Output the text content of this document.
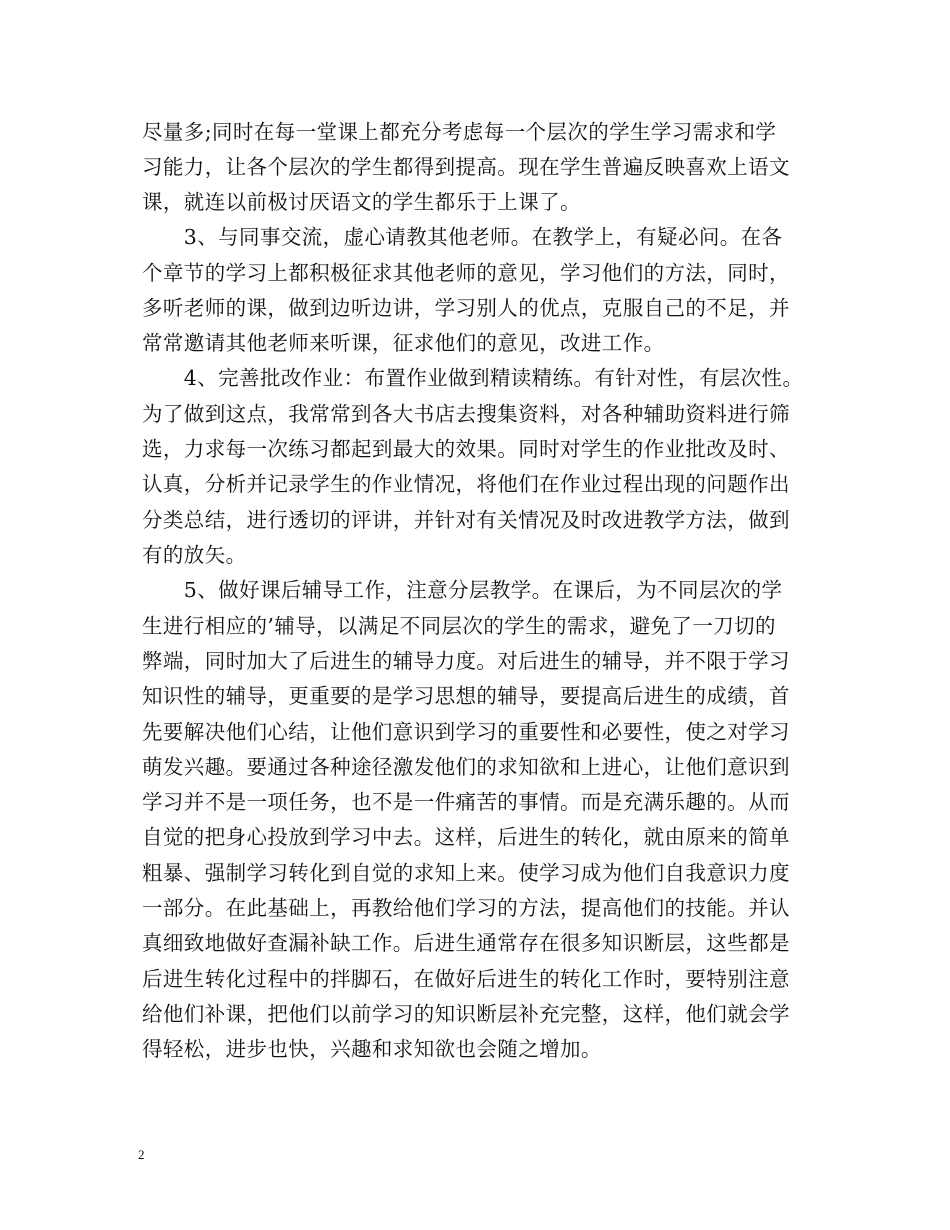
尽量多;同时在每一堂课上都充分考虑每一个层次的学生学习需求和学
习能力，让各个层次的学生都得到提高。现在学生普遍反映喜欢上语文
课，就连以前极讨厌语文的学生都乐于上课了。
　　3、与同事交流，虚心请教其他老师。在教学上，有疑必问。在各
个章节的学习上都积极征求其他老师的意见，学习他们的方法，同时，
多听老师的课，做到边听边讲，学习别人的优点，克服自己的不足，并
常常邀请其他老师来听课，征求他们的意见，改进工作。
　　4、完善批改作业：布置作业做到精读精练。有针对性，有层次性。
为了做到这点，我常常到各大书店去搜集资料，对各种辅助资料进行筛
选，力求每一次练习都起到最大的效果。同时对学生的作业批改及时、
认真，分析并记录学生的作业情况，将他们在作业过程出现的问题作出
分类总结，进行透切的评讲，并针对有关情况及时改进教学方法，做到
有的放矢。
　　5、做好课后辅导工作，注意分层教学。在课后，为不同层次的学
生进行相应的’辅导，以满足不同层次的学生的需求，避免了一刀切的
弊端，同时加大了后进生的辅导力度。对后进生的辅导，并不限于学习
知识性的辅导，更重要的是学习思想的辅导，要提高后进生的成绩，首
先要解决他们心结，让他们意识到学习的重要性和必要性，使之对学习
萌发兴趣。要通过各种途径激发他们的求知欲和上进心，让他们意识到
学习并不是一项任务，也不是一件痛苦的事情。而是充满乐趣的。从而
自觉的把身心投放到学习中去。这样，后进生的转化，就由原来的简单
粗暴、强制学习转化到自觉的求知上来。使学习成为他们自我意识力度
一部分。在此基础上，再教给他们学习的方法，提高他们的技能。并认
真细致地做好查漏补缺工作。后进生通常存在很多知识断层，这些都是
后进生转化过程中的拌脚石，在做好后进生的转化工作时，要特别注意
给他们补课，把他们以前学习的知识断层补充完整，这样，他们就会学
得轻松，进步也快，兴趣和求知欲也会随之增加。
2
